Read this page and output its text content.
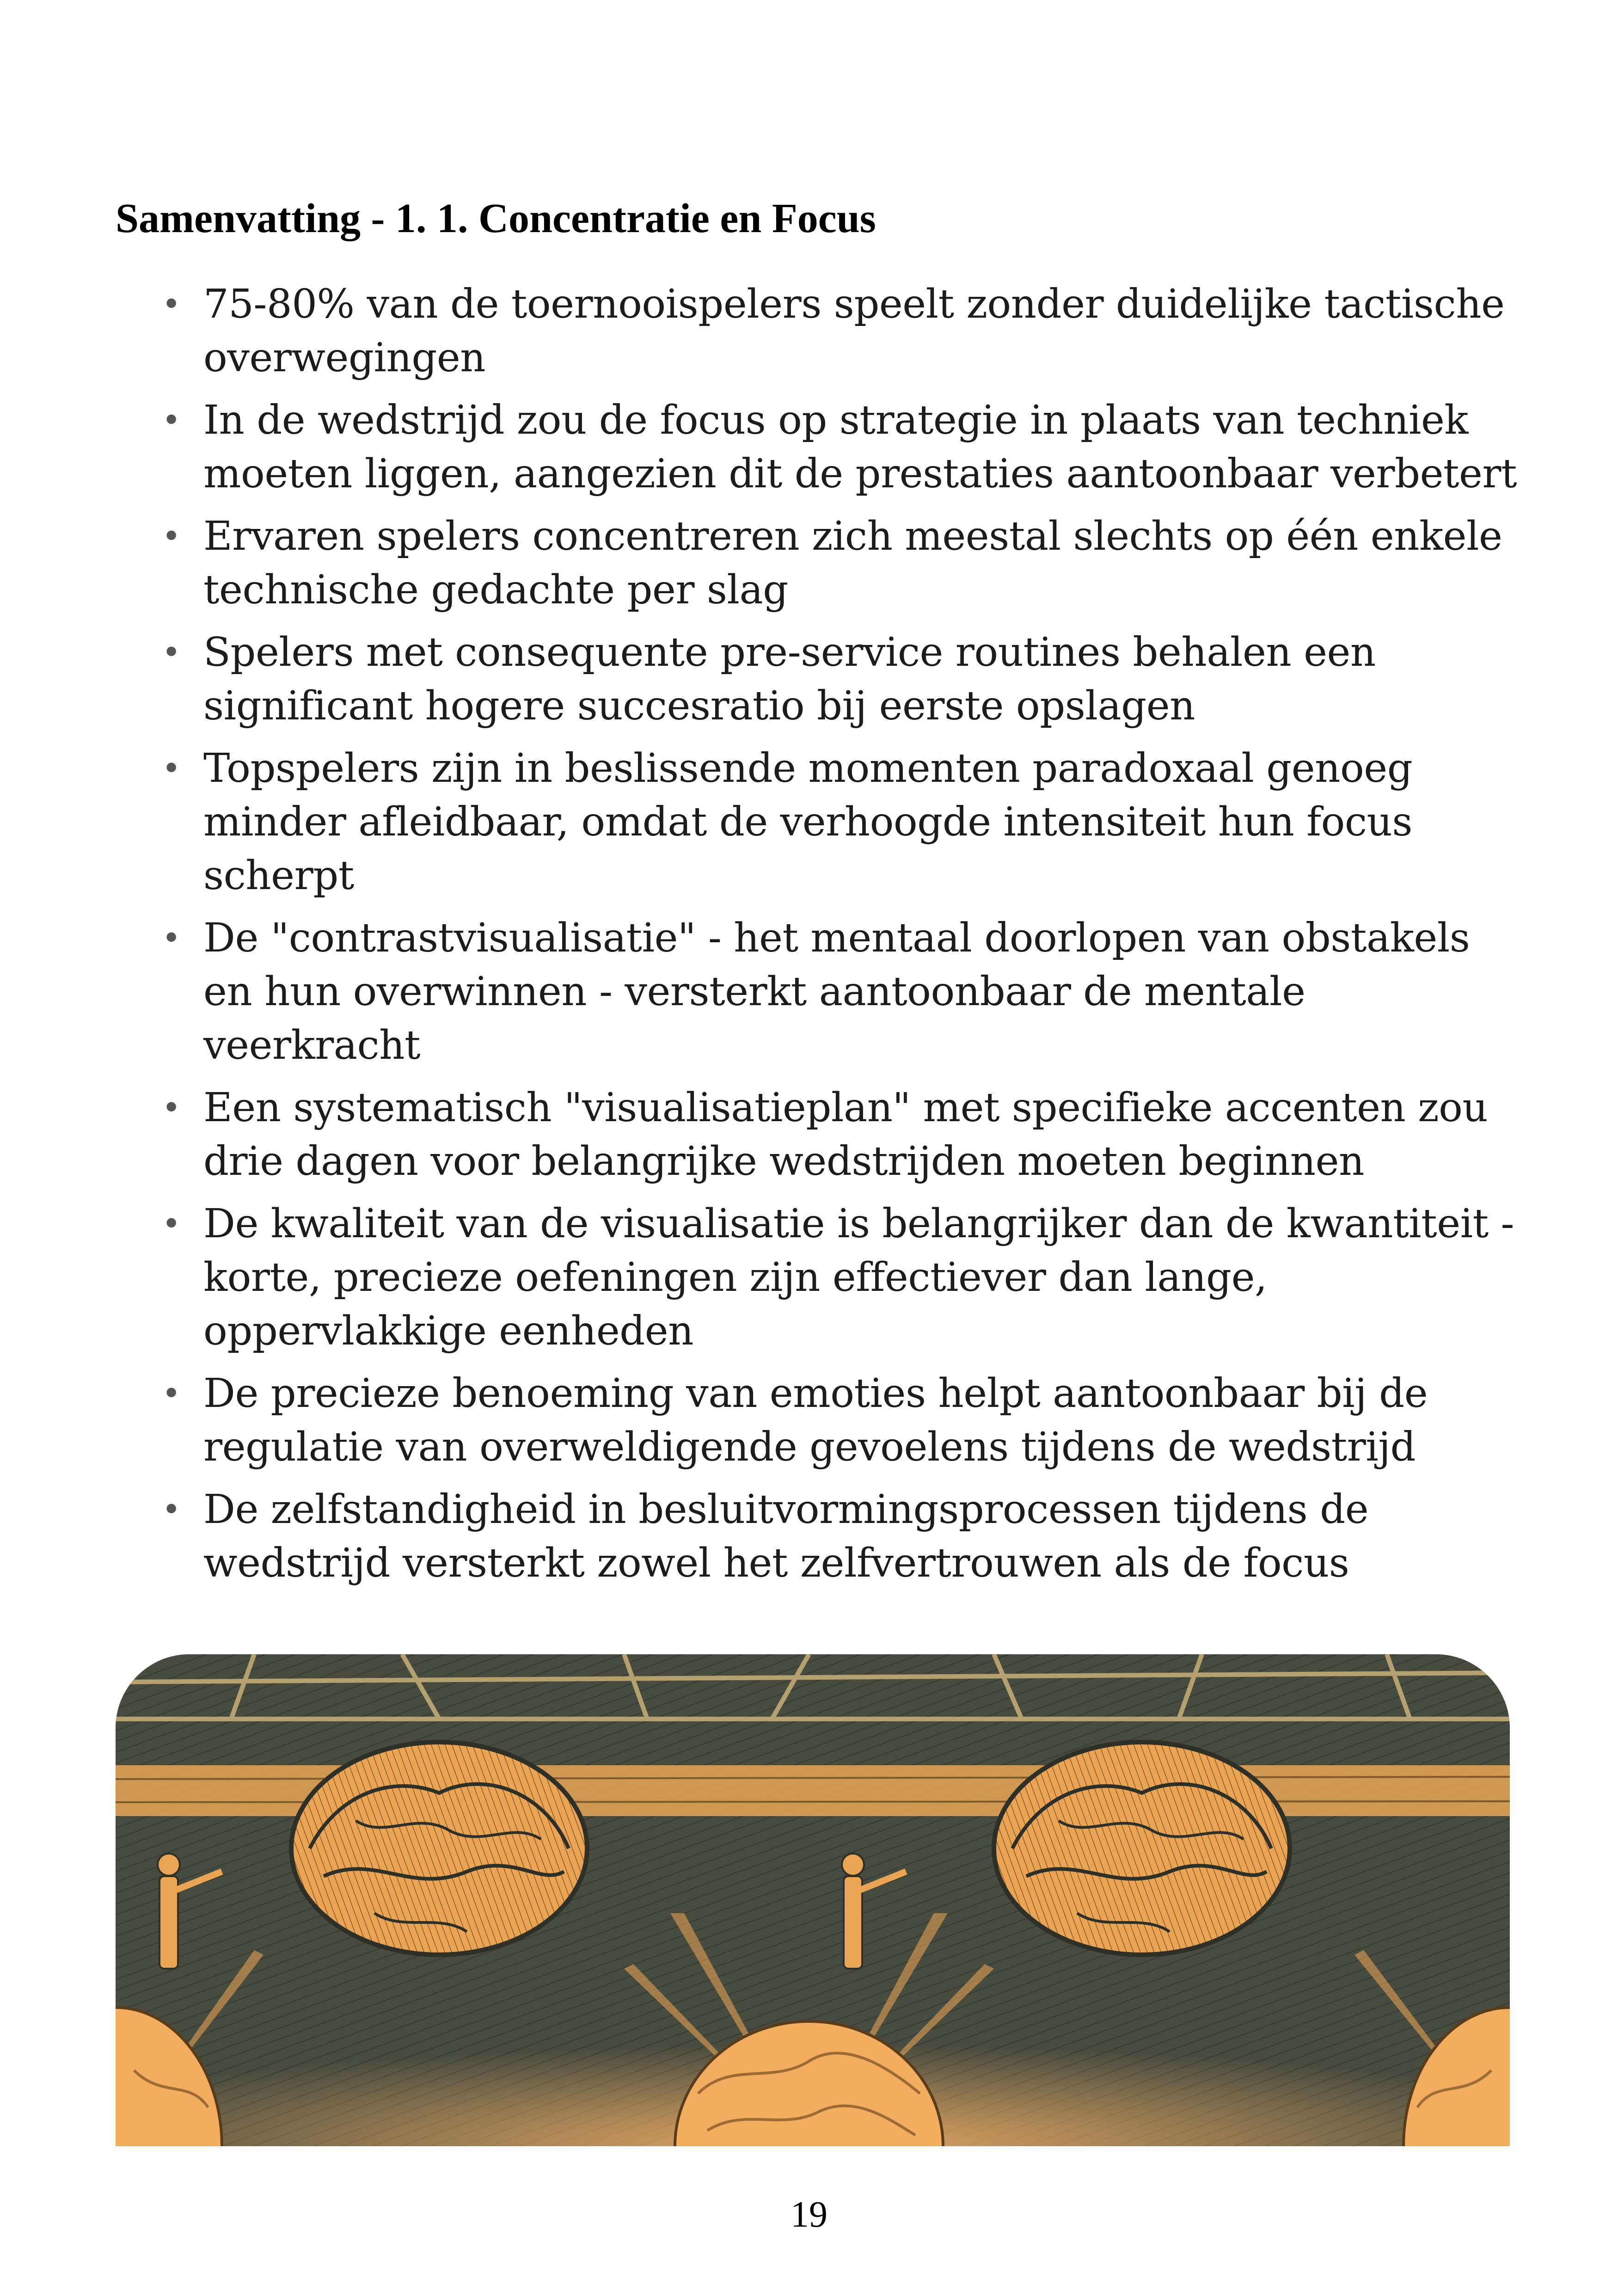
Samenvatting - 1. 1. Concentratie en Focus
• 75-80% van de toernooispelers speelt zonder duidelijke tactische overwegingen
• In de wedstrijd zou de focus op strategie in plaats van techniek moeten liggen, aangezien dit de prestaties aantoonbaar verbetert
• Ervaren spelers concentreren zich meestal slechts op één enkele technische gedachte per slag
• Spelers met consequente pre-service routines behalen een significant hogere succesratio bij eerste opslagen
• Topspelers zijn in beslissende momenten paradoxaal genoeg minder afleidbaar, omdat de verhoogde intensiteit hun focus scherpt
• De "contrastvisualisatie" - het mentaal doorlopen van obstakels en hun overwinnen - versterkt aantoonbaar de mentale veerkracht
• Een systematisch "visualisatieplan" met specifieke accenten zou drie dagen voor belangrijke wedstrijden moeten beginnen
• De kwaliteit van de visualisatie is belangrijker dan de kwantiteit - korte, precieze oefeningen zijn effectiever dan lange, oppervlakkige eenheden
• De precieze benoeming van emoties helpt aantoonbaar bij de regulatie van overweldigende gevoelens tijdens de wedstrijd
• De zelfstandigheid in besluitvormingsprocessen tijdens de wedstrijd versterkt zowel het zelfvertrouwen als de focus
19
